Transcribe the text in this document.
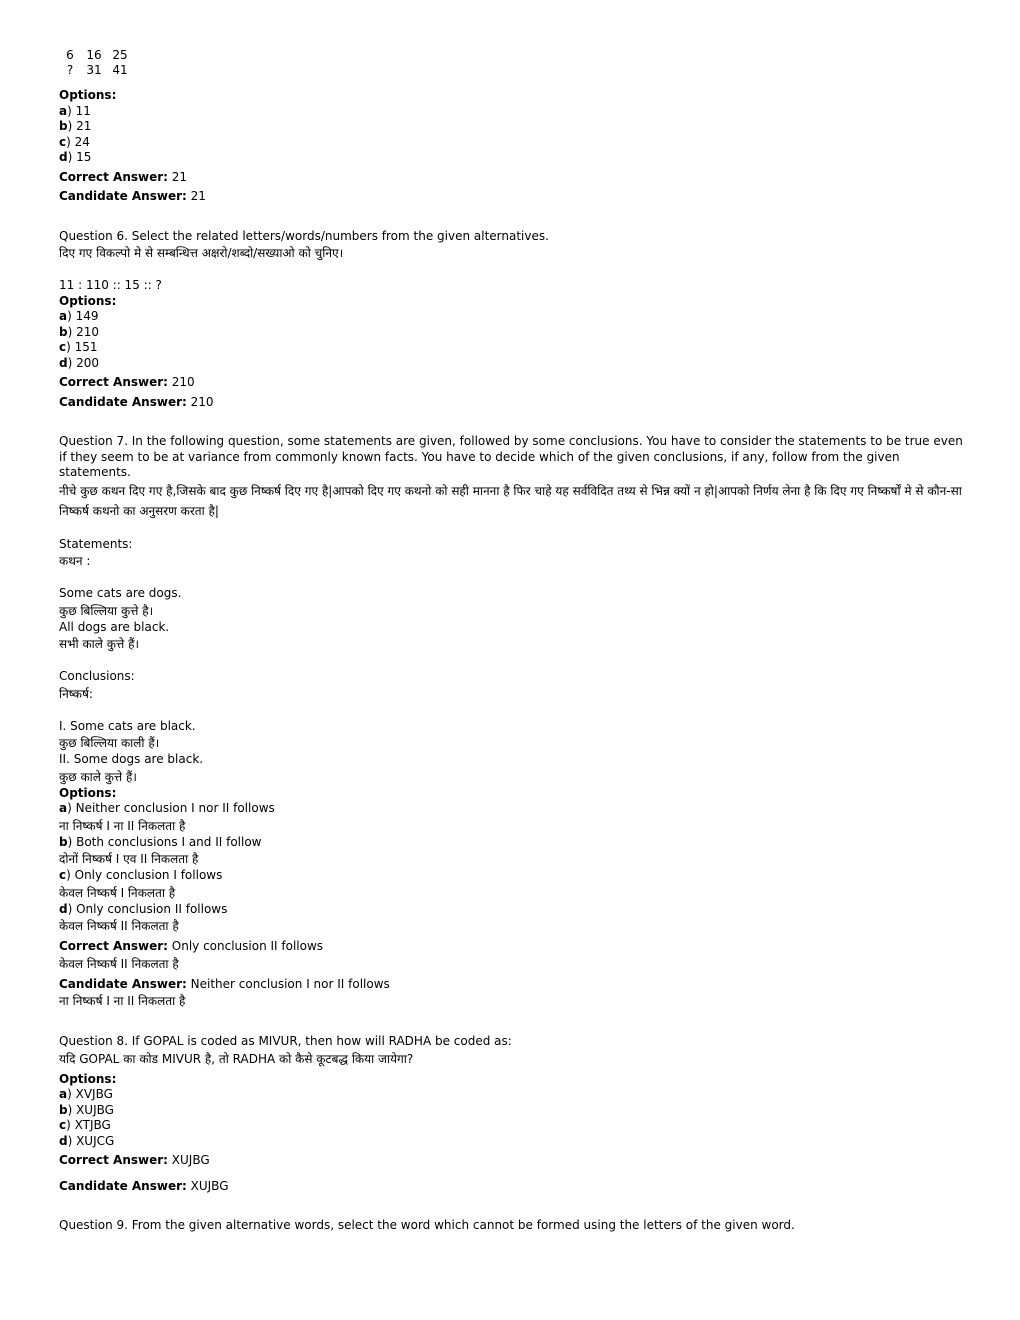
6	16 25
?	31 41
Options:
a) 11
b) 21
c) 24
d) 15
Correct Answer: 21
Candidate Answer: 21
Question 6. Select the related letters/words/numbers from the given alternatives.
दिए गए विकल्पो मे से सम्बन्धित्त अक्षरो/शब्दो/सख्याओ को चुनिए।
11 : 110 :: 15 :: ?
Options:
a) 149
b) 210
c) 151
d) 200
Correct Answer: 210
Candidate Answer: 210
Question 7. In the following question, some statements are given, followed by some conclusions. You have to consider the statements to be true even if they seem to be at variance from commonly known facts. You have to decide which of the given conclusions, if any, follow from the given statements.
नीचे कुछ कथन दिए गए है,जिसके बाद कुछ निष्कर्ष दिए गए है|आपको दिए गए कथनो को सही मानना है फिर चाहे यह सर्वविदित तथ्य से भिन्न क्यों न हो|आपको निर्णय लेना है कि दिए गए निष्कर्षों मे से कौन-सा निष्कर्ष कथनो का अनुसरण करता है|
Statements:
कथन :
Some cats are dogs.
कुछ बिल्लिया कुत्ते है।
All dogs are black.
सभी काले कुत्ते हैं।
Conclusions:
निष्कर्ष:
I. Some cats are black.
कुछ बिल्लिया काली हैं।
II. Some dogs are black.
कुछ काले कुत्ते हैं।
Options:
a) Neither conclusion I nor II follows
ना निष्कर्ष I ना II निकलता है
b) Both conclusions I and II follow
दोनों निष्कर्ष I एव II निकलता है
c) Only conclusion I follows
केवल निष्कर्ष I निकलता है
d) Only conclusion II follows
केवल निष्कर्ष II निकलता है
Correct Answer: Only conclusion II follows
केवल निष्कर्ष II निकलता है
Candidate Answer: Neither conclusion I nor II follows
ना निष्कर्ष I ना II निकलता है
Question 8. If GOPAL is coded as MIVUR, then how will RADHA be coded as:
यदि GOPAL का कोड MIVUR है, तो RADHA को कैसे कूटबद्ध किया जायेगा?
Options:
a) XVJBG
b) XUJBG
c) XTJBG
d) XUJCG
Correct Answer: XUJBG
Candidate Answer: XUJBG
Question 9. From the given alternative words, select the word which cannot be formed using the letters of the given word.
